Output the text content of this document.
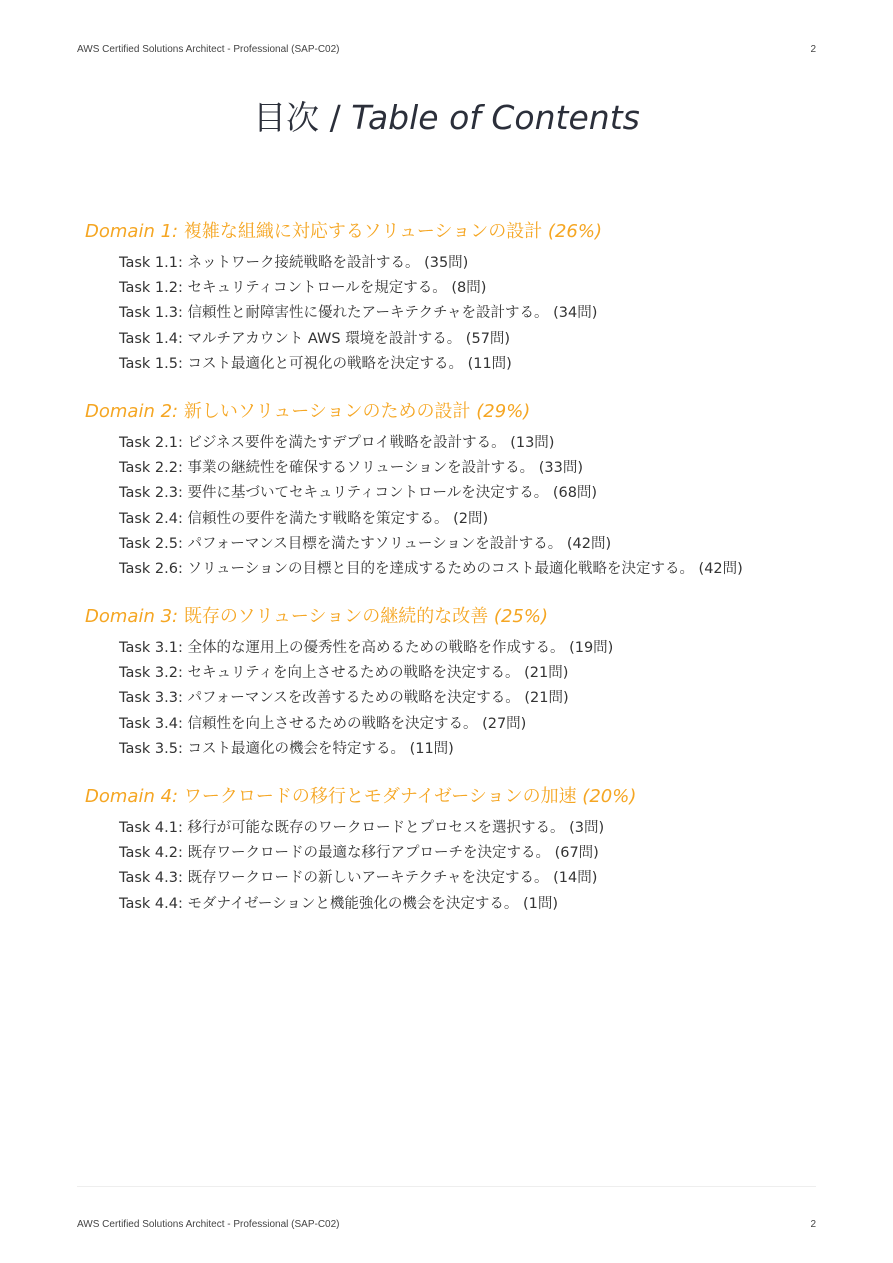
AWS Certified Solutions Architect - Professional (SAP-C02)	2
目次 / Table of Contents
Domain 1: 複雑な組織に対応するソリューションの設計 (26%)
Task 1.1: ネットワーク接続戦略を設計する。 (35問)
Task 1.2: セキュリティコントロールを規定する。 (8問)
Task 1.3: 信頼性と耐障害性に優れたアーキテクチャを設計する。 (34問)
Task 1.4: マルチアカウント AWS 環境を設計する。 (57問)
Task 1.5: コスト最適化と可視化の戦略を決定する。 (11問)
Domain 2: 新しいソリューションのための設計 (29%)
Task 2.1: ビジネス要件を満たすデプロイ戦略を設計する。 (13問)
Task 2.2: 事業の継続性を確保するソリューションを設計する。 (33問)
Task 2.3: 要件に基づいてセキュリティコントロールを決定する。 (68問)
Task 2.4: 信頼性の要件を満たす戦略を策定する。 (2問)
Task 2.5: パフォーマンス目標を満たすソリューションを設計する。 (42問)
Task 2.6: ソリューションの目標と目的を達成するためのコスト最適化戦略を決定する。 (42問)
Domain 3: 既存のソリューションの継続的な改善 (25%)
Task 3.1: 全体的な運用上の優秀性を高めるための戦略を作成する。 (19問)
Task 3.2: セキュリティを向上させるための戦略を決定する。 (21問)
Task 3.3: パフォーマンスを改善するための戦略を決定する。 (21問)
Task 3.4: 信頼性を向上させるための戦略を決定する。 (27問)
Task 3.5: コスト最適化の機会を特定する。 (11問)
Domain 4: ワークロードの移行とモダナイゼーションの加速 (20%)
Task 4.1: 移行が可能な既存のワークロードとプロセスを選択する。 (3問)
Task 4.2: 既存ワークロードの最適な移行アプローチを決定する。 (67問)
Task 4.3: 既存ワークロードの新しいアーキテクチャを決定する。 (14問)
Task 4.4: モダナイゼーションと機能強化の機会を決定する。 (1問)
AWS Certified Solutions Architect - Professional (SAP-C02)	2
